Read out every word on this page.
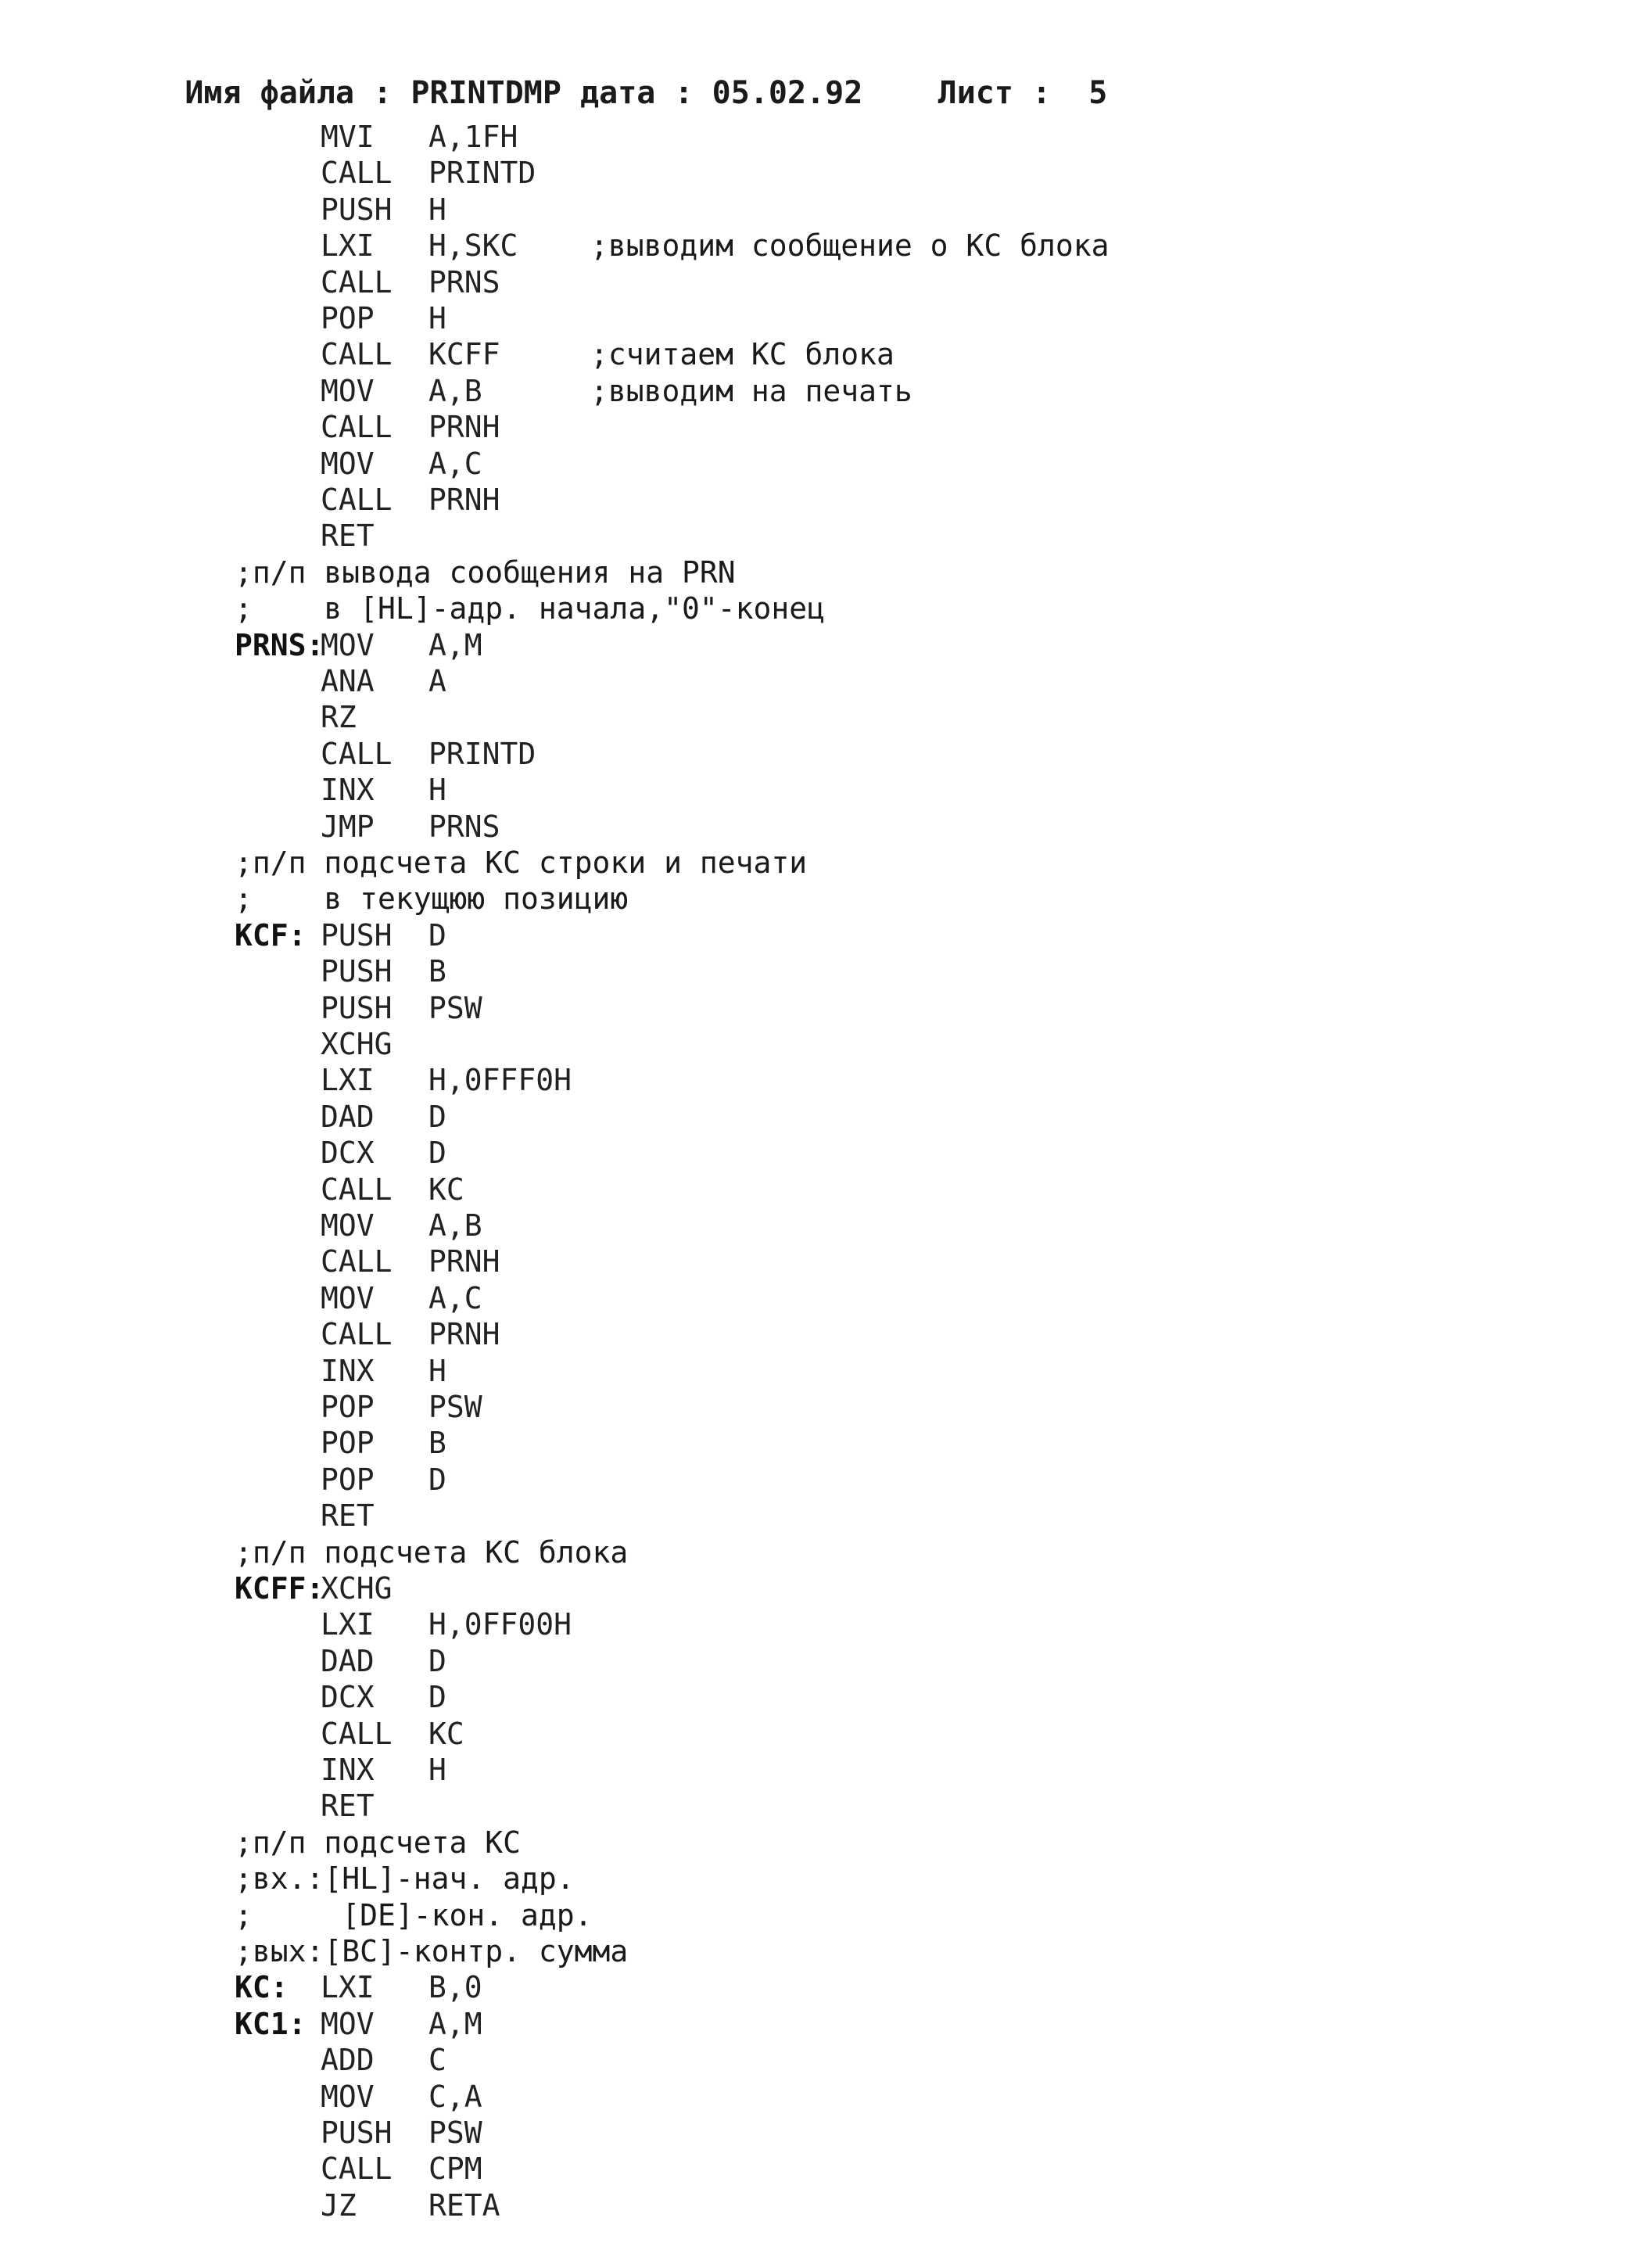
Имя файла : PRINTDMP дата : 05.02.92    Лист :  5

MVI A,1FH
CALL PRINTD
PUSH H
LXI H,SKC ;выводим сообщение о КС блока
CALL PRNS
POP H
CALL KCFF	;считаем КС блока
MOV A,B	;выводим на печать
CALL PRNH
MOV A,C
CALL PRNH
RET
;п/п вывода сообщения на PRN
;    в [HL]-адр. начала,"0"-конец
PRNS:
MOV A,M
ANA A
RZ
CALL PRINTD
INX H
JMP PRNS
;п/п подсчета КС строки и печати
;    в текущюю позицию
KCF: PUSH D
PUSH B
PUSH PSW
XCHG
LXI H,0FFF0H
DAD D
DCX D
CALL KC
MOV A,B
CALL PRNH
MOV A,C
CALL PRNH
INX H
POP PSW
POP B
POP D
RET
;п/п подсчета КС блока
KCFF:
XCHG
LXI H,0FF00H
DAD D
DCX D
CALL KC
INX H
RET
;п/п подсчета КС
;вх.:[HL]-нач. адр.
;     [DE]-кон. адр.
;вых:[BC]-контр. сумма
KC: LXI B,0
KC1: MOV A,M
ADD C
MOV C,A
PUSH PSW
CALL CPM
JZ RETA
